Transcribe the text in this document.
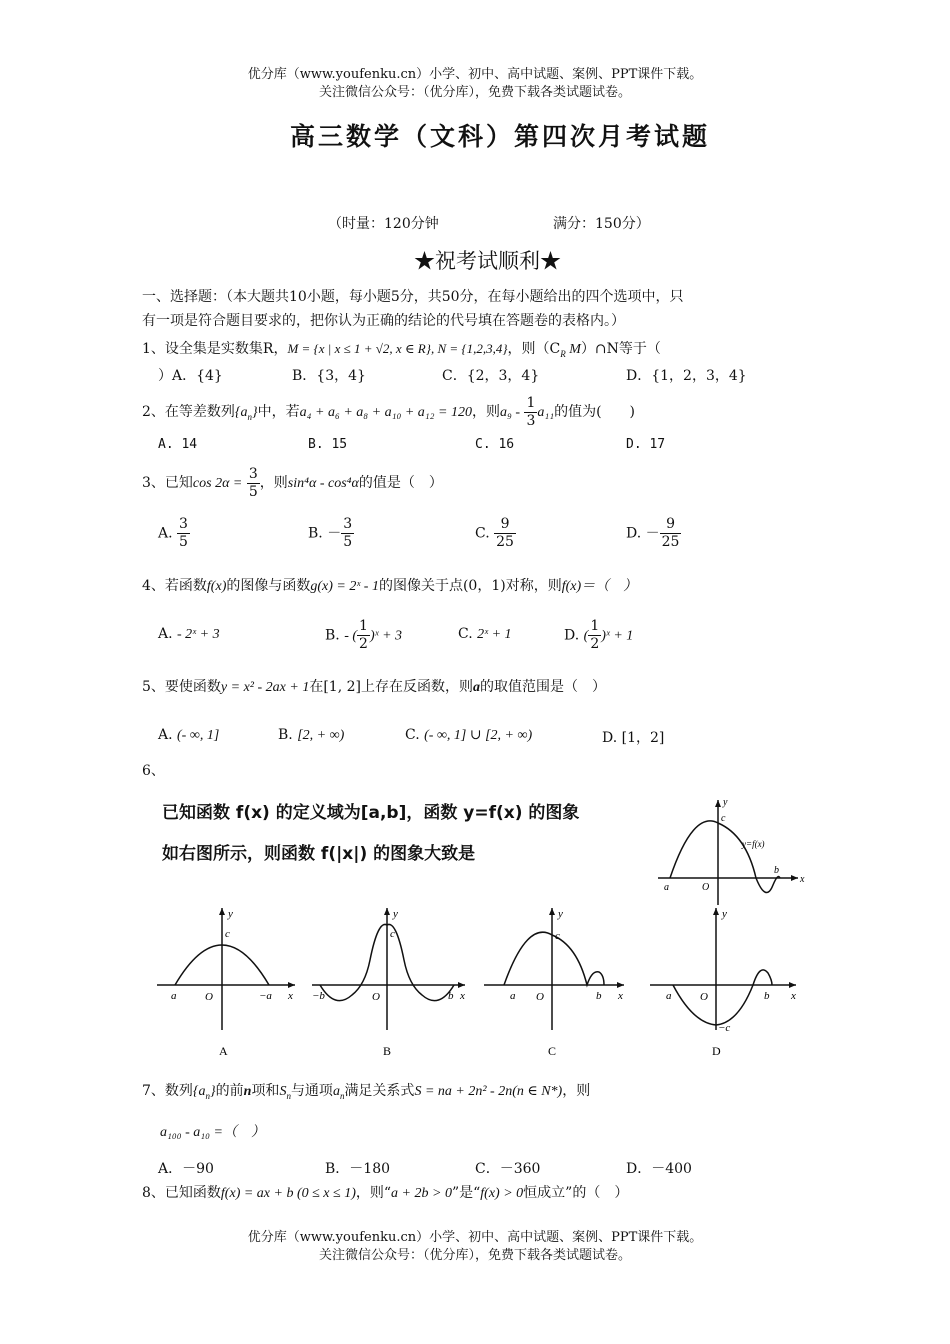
优分库（www.youfenku.cn）小学、初中、高中试题、案例、PPT课件下载。
关注微信公众号：（优分库），免费下载各类试题试卷。
高三数学（文科）第四次月考试题
（时量：120分钟	满分：150分）
★祝考试顺利★
一、选择题：（本大题共10小题，每小题5分，共50分，在每小题给出的四个选项中，只
有一项是符合题目要求的，把你认为正确的结论的代号填在答题卷的表格内。）
1、设全集是实数集R，M = {x | x ≤ 1 + √2, x ∈ R}, N = {1,2,3,4}，则（$C_R$ M）∩N等于（
）A．{4}	B．{3，4}	C．{2，3，4}	D．{1，2，3，4}
2、在等差数列$\{a_n\}$中，若a₄ + a₆ + a₈ + a₁₀ + a₁₂ = 120，则$a_9 - \frac{1}{3} a_{11}$的值为(　　)
A. 14	B. 15	C. 16	D. 17
3、已知$\cos 2\alpha = \frac{3}{5}$ ，则sin⁴α - cos⁴α的值是（　）
A. $\frac{3}{5}$	B. － $\frac{3}{5}$	C. $\frac{9}{25}$	D. － $\frac{9}{25}$
4、若函数f(x)的图像与函数g(x) = 2ˣ - 1的图像关于点(0，1)对称，则f(x)＝（　）
A. - 2ˣ + 3	B. - ( $\frac{1}{2}$ )ˣ + 3	C. 2ˣ + 1	D. ( $\frac{1}{2}$ )ˣ + 1
5、要使函数y = x² - 2ax + 1在[1, 2]上存在反函数，则a的取值范围是（　）
A. (- ∞, 1]	B. [2, + ∞)	C. (- ∞, 1] ∪ [2, + ∞)	D. [1，2]
6、
已知函数 f(x) 的定义域为[a,b]，函数 y=f(x) 的图象
如右图所示，则函数 f(|x|) 的图象大致是
y
x
O
a
b
c
y=f(x)
y
x
O
a	−a
c
A
y
x
O
−b	b
c
B
y
x
O
a	b
c
C
y
x
O
a	b
−c
D
7、数列$\{a_n\}$的前n项和$S_n$与通项$a_n$满足关系式S = na + 2n² - 2n(n ∈ N*)，则
a₁₀₀ - a₁₀ =（　）
A．－90	B．－180	C．－360	D．－400
8、已知函数f(x) = ax + b (0 ≤ x ≤ 1)，则“a + 2b > 0”是“f(x) > 0恒成立”的（　）
优分库（www.youfenku.cn）小学、初中、高中试题、案例、PPT课件下载。
关注微信公众号：（优分库），免费下载各类试题试卷。
